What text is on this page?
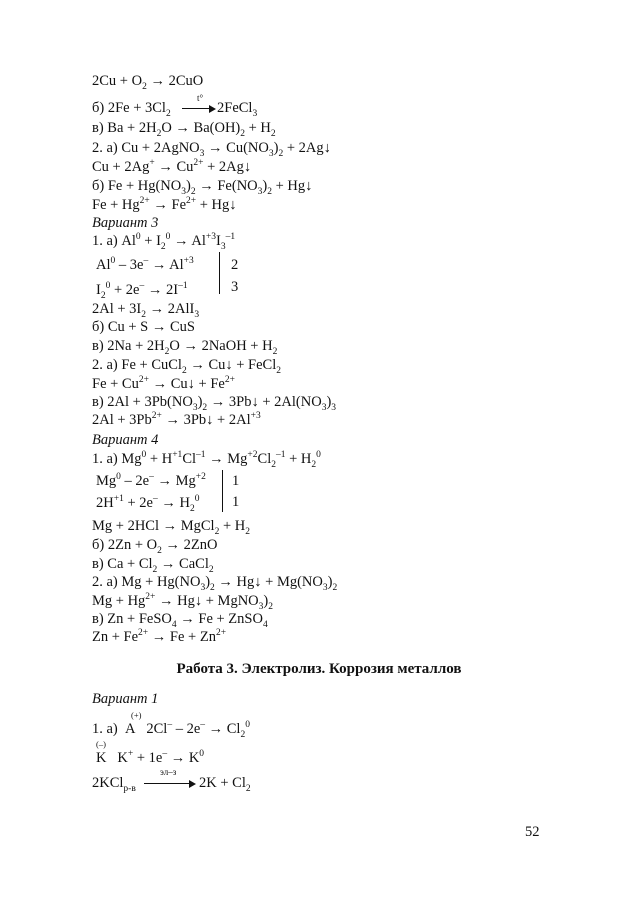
$2Cu + O_2 \to 2CuO$
б) $2Fe + 3Cl_2$
t°
2FeCl$_3$
в) $Ba + 2H_2O \to Ba(OH)_2 + H_2$
2. а) Cu + 2AgNO$_3$ → $Cu(NO_3)_2$ + 2Ag↓
$Cu + 2Ag^+ \to Cu^{2+}$ + 2Ag↓
б) $Fe + Hg(NO_3)_2 \to Fe(NO_3)_2$ + Hg↓
$Fe + Hg^{2+} \to Fe^{2+}$ + Hg↓
Вариант 3
1. а) $Al^0 + I_2^0 \to Al^{+3}I_3^{-1}$
$Al^0 - 3e^- \to Al^{+3}$
$I_2^0 + 2e^- \to 2I^{-1}$
2
3
$2Al + 3I_2 \to 2AlI_3$
б) Cu + S → CuS
в) $2Na + 2H_2O$ → 2NaOH + $H_2$
2. а) Fe + CuCl$_2$ → Cu↓ + FeCl$_2$
$Fe + Cu^{2+}$ → Cu↓ + $Fe^{2+}$
в) $2Al + 3Pb(NO_3)_2$ → 3Pb↓ + $2Al(NO_3)_3$
$2Al + 3Pb^{2+}$ → 3Pb↓ + $2Al^{+3}$
Вариант 4
1. а) $Mg^0 + H^{+1}Cl^{-1} \to Mg^{+2}Cl_2^{-1} + H_2^0$
$Mg^0 - 2e^- \to Mg^{+2}$
$2H^{+1} + 2e^- \to H_2^0$
1
1
Mg + 2HCl → MgCl$_2$ + $H_2$
б) $2Zn + O_2 \to 2ZnO$
в) $Ca + Cl_2$ → CaCl$_2$
2. а) $Mg + Hg(NO_3)_2$ → Hg↓ + $Mg(NO_3)_2$
$Mg + Hg^{2+}$ → Hg↓ + $MgNO_3)_2$
в) Zn + FeSO$_4$ → Fe + ZnSO$_4$
$Zn + Fe^{2+} \to Fe + Zn^{2+}$
Работа 3. Электролиз. Коррозия металлов
Вариант 1
(+)
1. а)  A   $2Cl^- - 2e^- \to Cl_2^0$
(–)
K   $K^+ + 1e^- \to K^0$
2KCl$_{р-в}$
эл–з
$2K + Cl_2$
52
